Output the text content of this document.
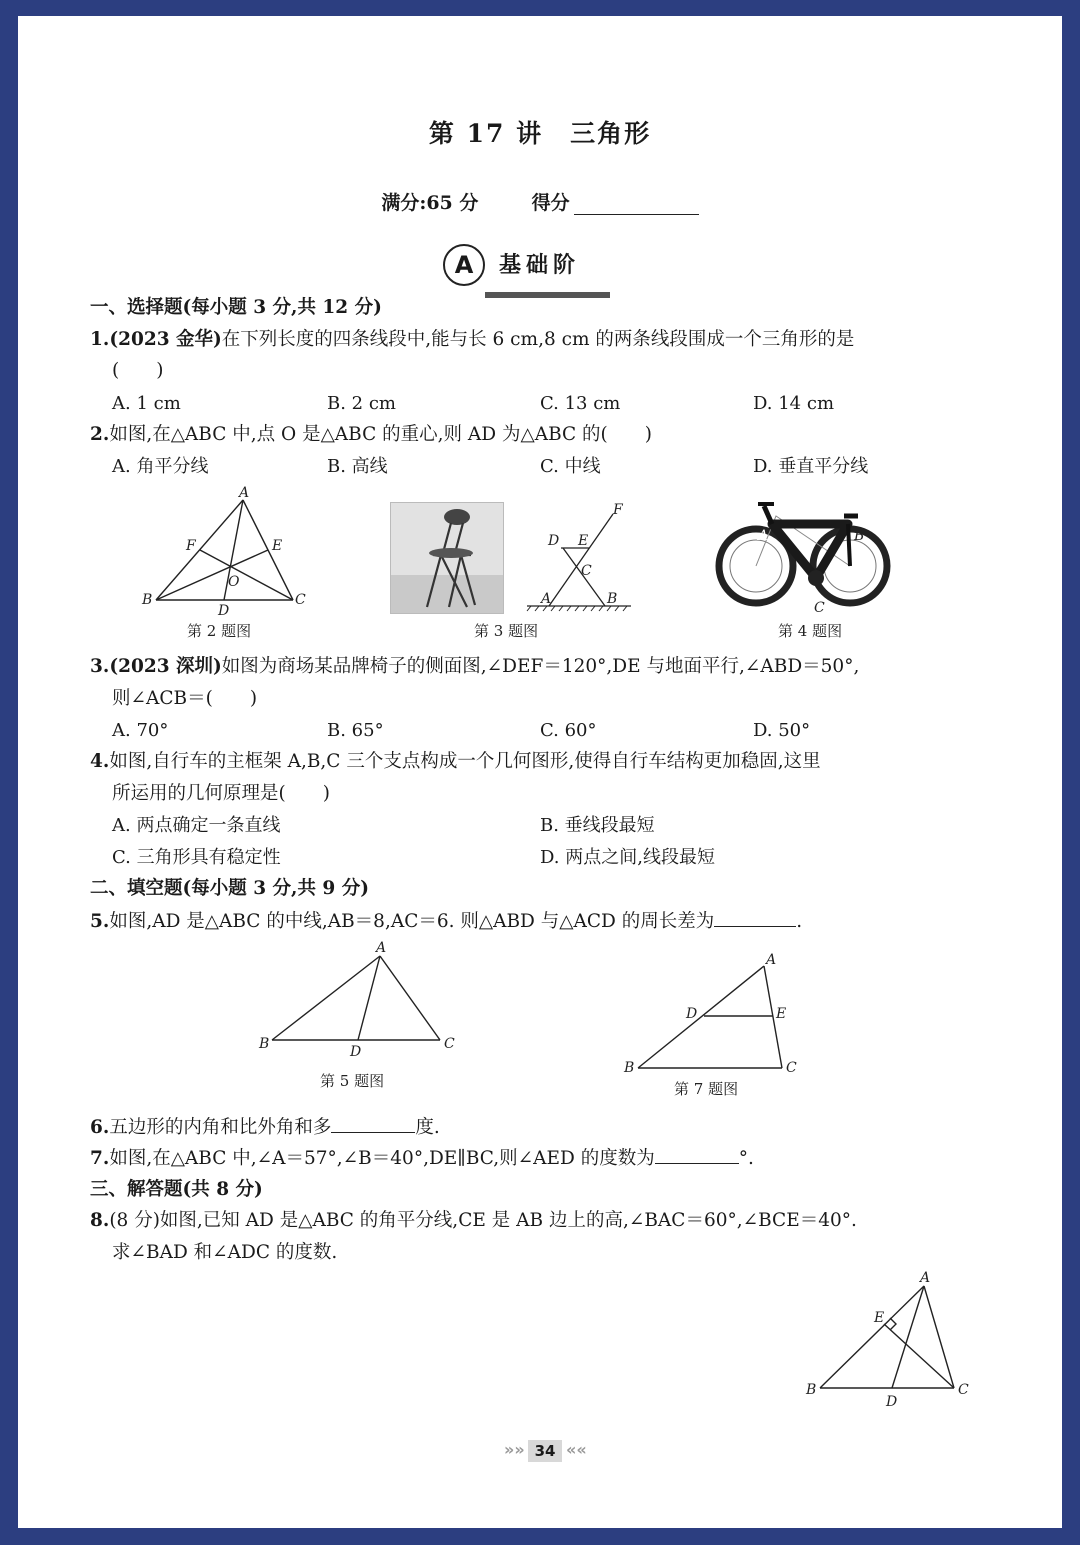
第 17 讲　三角形
满分:65 分	得分
A	基础阶
一、选择题(每小题 3 分,共 12 分)
1.(2023 金华)在下列长度的四条线段中,能与长 6 cm,8 cm 的两条线段围成一个三角形的是
(　　)
A. 1 cm	B. 2 cm	C. 13 cm	D. 14 cm
2.如图,在△ABC 中,点 O 是△ABC 的重心,则 AD 为△ABC 的(　　)
A. 角平分线	B. 高线	C. 中线	D. 垂直平分线
A
B	C
D
E
F
O
第 2 题图
F
D E
C
A	B
第 3 题图
A	B
C
第 4 题图
3.(2023 深圳)如图为商场某品牌椅子的侧面图,∠DEF＝120°,DE 与地面平行,∠ABD＝50°,
则∠ACB＝(　　)
A. 70°	B. 65°	C. 60°	D. 50°
4.如图,自行车的主框架 A,B,C 三个支点构成一个几何图形,使得自行车结构更加稳固,这里
所运用的几何原理是(　　)
A. 两点确定一条直线	B. 垂线段最短
C. 三角形具有稳定性	D. 两点之间,线段最短
二、填空题(每小题 3 分,共 9 分)
5.如图,AD 是△ABC 的中线,AB＝8,AC＝6. 则△ABD 与△ACD 的周长差为	.
A
B	C
D
第 5 题图
A
B	C
D	E
第 7 题图
6.五边形的内角和比外角和多	度.
7.如图,在△ABC 中,∠A＝57°,∠B＝40°,DE∥BC,则∠AED 的度数为	°.
三、解答题(共 8 分)
8.(8 分)如图,已知 AD 是△ABC 的角平分线,CE 是 AB 边上的高,∠BAC＝60°,∠BCE＝40°.
求∠BAD 和∠ADC 的度数.
A
B	C
D
E
»» 34 ««
